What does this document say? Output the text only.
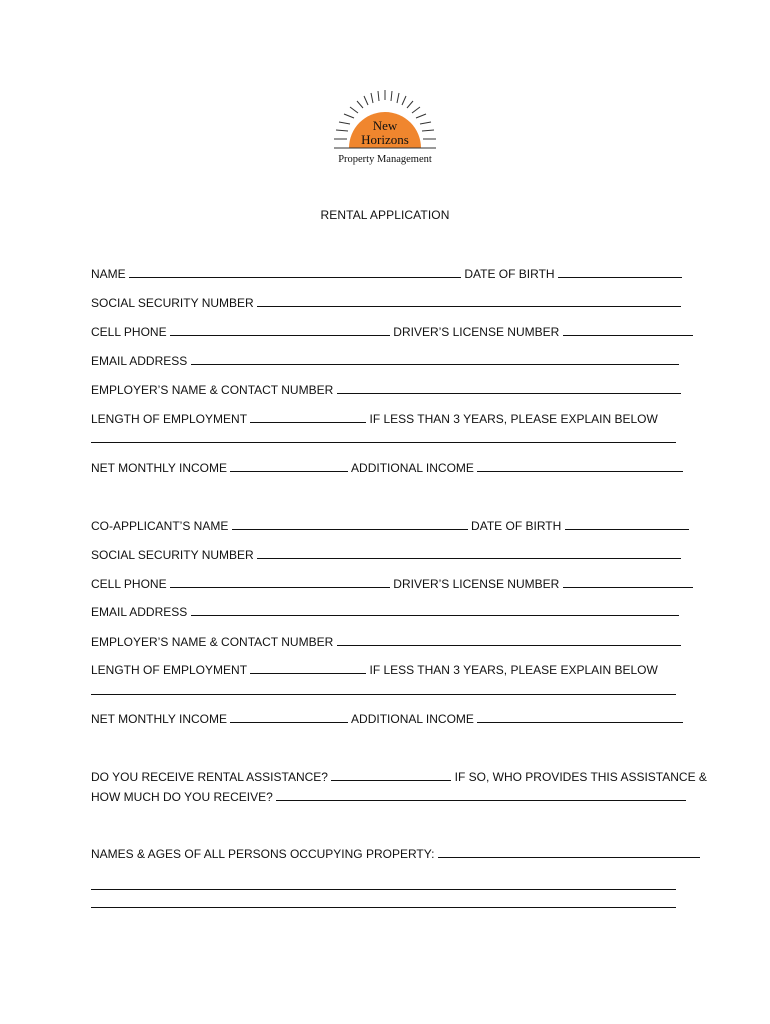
New
Horizons
Property Management
RENTAL APPLICATION
NAME	DATE OF BIRTH
SOCIAL SECURITY NUMBER
CELL PHONE	DRIVER’S LICENSE NUMBER
EMAIL ADDRESS
EMPLOYER’S NAME & CONTACT NUMBER
LENGTH OF EMPLOYMENT	IF LESS THAN 3 YEARS, PLEASE EXPLAIN BELOW
NET MONTHLY INCOME	ADDITIONAL INCOME
CO-APPLICANT’S NAME	DATE OF BIRTH
SOCIAL SECURITY NUMBER
CELL PHONE	DRIVER’S LICENSE NUMBER
EMAIL ADDRESS
EMPLOYER’S NAME & CONTACT NUMBER
LENGTH OF EMPLOYMENT	IF LESS THAN 3 YEARS, PLEASE EXPLAIN BELOW
NET MONTHLY INCOME	ADDITIONAL INCOME
DO YOU RECEIVE RENTAL ASSISTANCE?	IF SO, WHO PROVIDES THIS ASSISTANCE &
HOW MUCH DO YOU RECEIVE?
NAMES & AGES OF ALL PERSONS OCCUPYING PROPERTY:
